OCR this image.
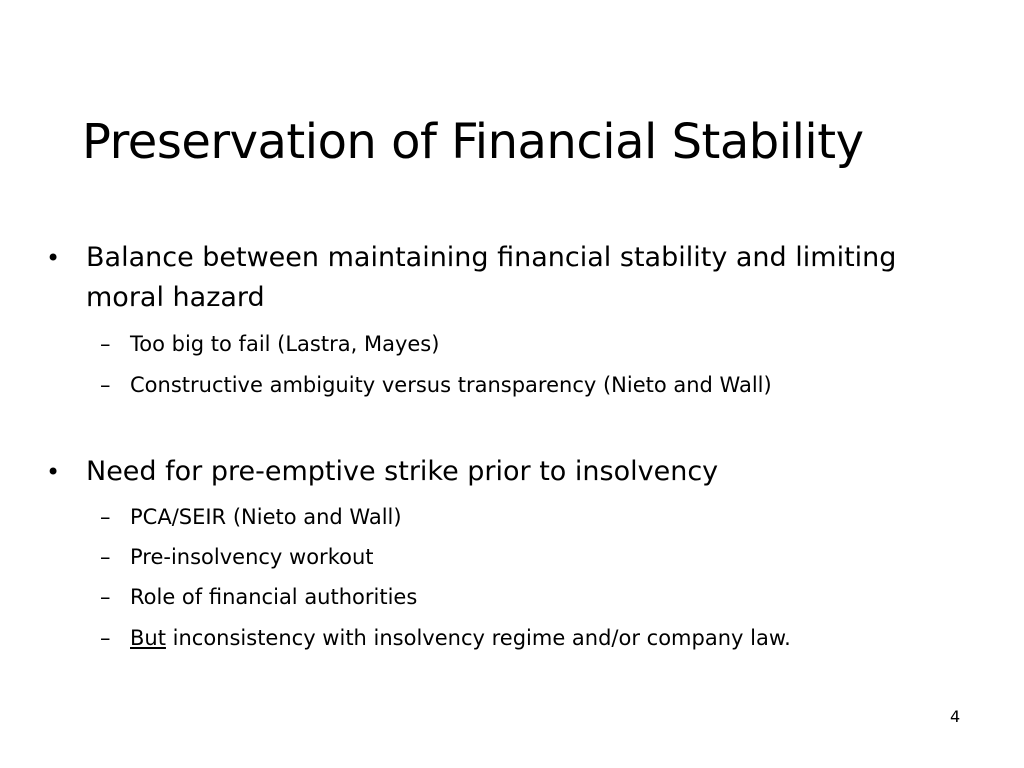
Preservation of Financial Stability
• Balance between maintaining financial stability and limiting moral hazard
– Too big to fail (Lastra, Mayes)
– Constructive ambiguity versus transparency (Nieto and Wall)
• Need for pre-emptive strike prior to insolvency
– PCA/SEIR (Nieto and Wall)
– Pre-insolvency workout
– Role of financial authorities
– But inconsistency with insolvency regime and/or company law.
4
